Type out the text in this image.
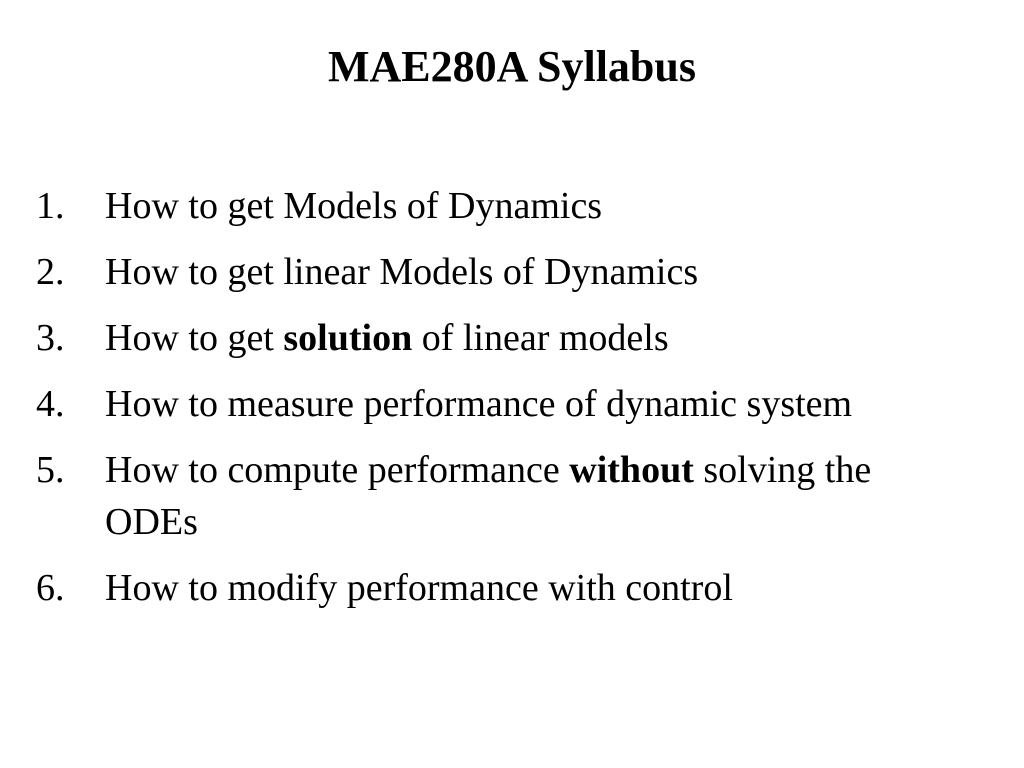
MAE280A Syllabus
1.	How to get Models of Dynamics
2.	How to get linear Models of Dynamics
3.	How to get solution of linear models
4.	How to measure performance of dynamic system
5.	How to compute performance without solving the ODEs
6.	How to modify performance with control
